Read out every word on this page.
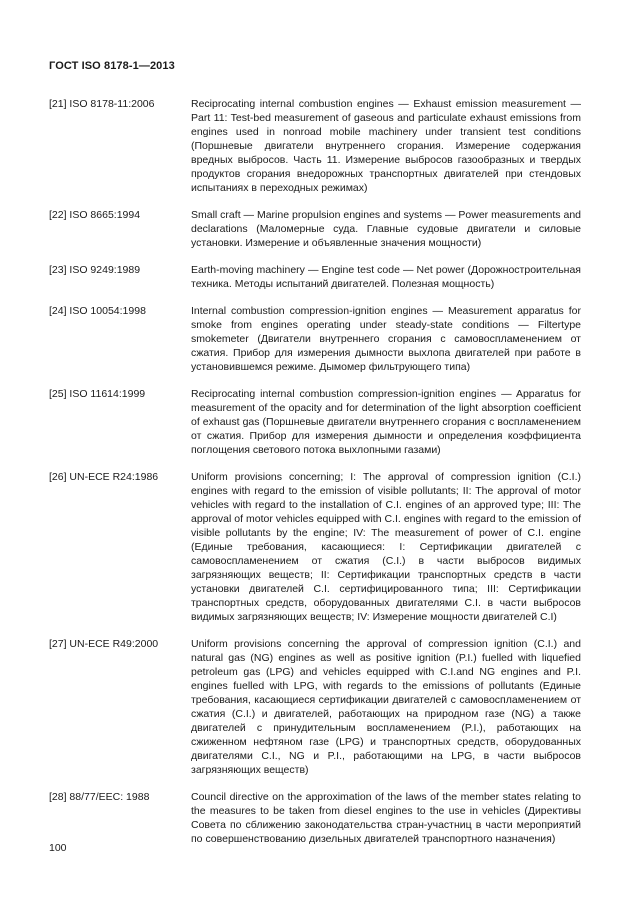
ГОСТ ISO 8178-1—2013
[21] ISO 8178-11:2006	Reciprocating internal combustion engines — Exhaust emission measurement — Part 11: Test-bed measurement of gaseous and particulate exhaust emissions from engines used in nonroad mobile machinery under transient test conditions (Поршневые двигатели внутреннего сгорания. Измерение содержания вредных выбросов. Часть 11. Измерение выбросов газообразных и твердых продуктов сгорания внедорожных транспортных двигателей при стендовых испытаниях в переходных режимах)
[22] ISO 8665:1994	Small craft — Marine propulsion engines and systems — Power measurements and declarations (Маломерные суда. Главные судовые двигатели и силовые установки. Измерение и объявленные значения мощности)
[23] ISO 9249:1989	Earth-moving machinery — Engine test code — Net power (Дорожностроительная техника. Методы испытаний двигателей. Полезная мощность)
[24] ISO 10054:1998	Internal combustion compression-ignition engines — Measurement apparatus for smoke from engines operating under steady-state conditions — Filtertype smokemeter (Двигатели внутреннего сгорания с самовоспламенением от сжатия. Прибор для измерения дымности выхлопа двигателей при работе в установившемся режиме. Дымомер фильтрующего типа)
[25] ISO 11614:1999	Reciprocating internal combustion compression-ignition engines — Apparatus for measurement of the opacity and for determination of the light absorption coefficient of exhaust gas (Поршневые двигатели внутреннего сгорания с воспламенением от сжатия. Прибор для измерения дымности и определения коэффициента поглощения светового потока выхлопными газами)
[26] UN-ECE R24:1986	Uniform provisions concerning; I: The approval of compression ignition (C.I.) engines with regard to the emission of visible pollutants; II: The approval of motor vehicles with regard to the installation of C.I. engines of an approved type; III: The approval of motor vehicles equipped with C.I. engines with regard to the emission of visible pollutants by the engine; IV: The measurement of power of C.I. engine (Единые требования, касающиеся: I: Сертификации двигателей с самовоспламенением от сжатия (C.I.) в части выбросов видимых загрязняющих веществ; II: Сертификации транспортных средств в части установки двигателей C.I. сертифицированного типа; III: Сертификации транспортных средств, оборудованных двигателями C.I. в части выбросов видимых загрязняющих веществ; IV: Измерение мощности двигателей C.I)
[27] UN-ECE R49:2000	Uniform provisions concerning the approval of compression ignition (C.I.) and natural gas (NG) engines as well as positive ignition (P.I.) fuelled with liquefied petroleum gas (LPG) and vehicles equipped with C.I.and NG engines and P.I. engines fuelled with LPG, with regards to the emissions of pollutants (Единые требования, касающиеся сертификации двигателей с самовоспламенением от сжатия (C.I.) и двигателей, работающих на природном газе (NG) а также двигателей с принудительным воспламенением (P.I.), работающих на сжиженном нефтяном газе (LPG) и транспортных средств, оборудованных двигателями C.I., NG и P.I., работающими на LPG, в части выбросов загрязняющих веществ)
[28] 88/77/EEC: 1988	Council directive on the approximation of the laws of the member states relating to the measures to be taken from diesel engines to the use in vehicles (Директивы Совета по сближению законодательства стран-участниц в части мероприятий по совершенствованию дизельных двигателей транспортного назначения)
100
